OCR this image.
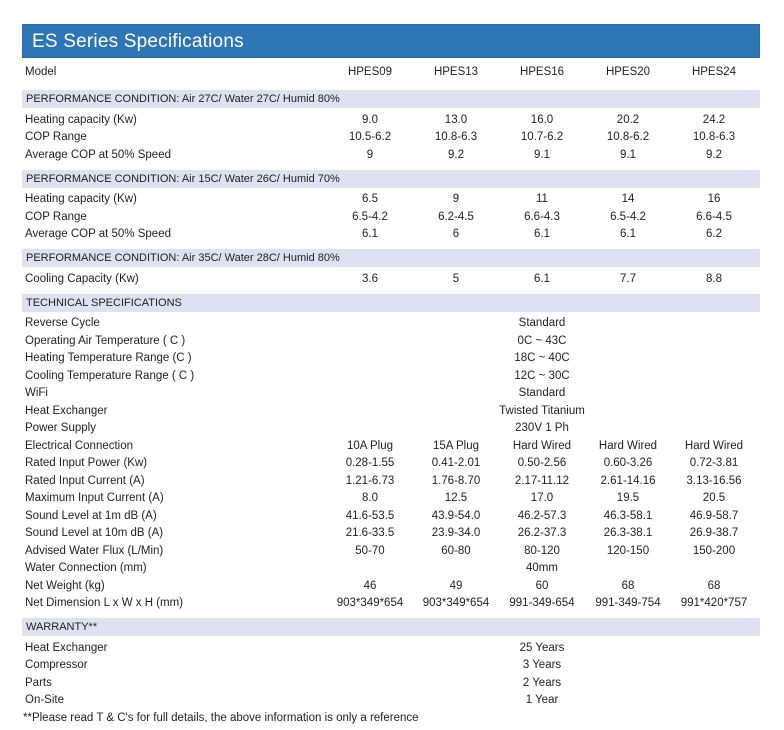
ES Series Specifications
Model	HPES09	HPES13	HPES16	HPES20	HPES24
PERFORMANCE CONDITION: Air 27C/ Water 27C/ Humid 80%
Heating capacity (Kw)	9.0	13.0	16.0	20.2	24.2
COP Range	10.5-6.2	10.8-6.3	10.7-6.2	10.8-6.2	10.8-6.3
Average COP at 50% Speed	9	9.2	9.1	9.1	9.2
PERFORMANCE CONDITION: Air 15C/ Water 26C/ Humid 70%
Heating capacity (Kw)	6.5	9	11	14	16
COP Range	6.5-4.2	6.2-4.5	6.6-4.3	6.5-4.2	6.6-4.5
Average COP at 50% Speed	6.1	6	6.1	6.1	6.2
PERFORMANCE CONDITION: Air 35C/ Water 28C/ Humid 80%
Cooling Capacity (Kw)	3.6	5	6.1	7.7	8.8
TECHNICAL SPECIFICATIONS
Reverse Cycle	Standard
Operating Air Temperature ( C )	0C ~ 43C
Heating Temperature Range (C )	18C ~ 40C
Cooling Temperature Range ( C )	12C ~ 30C
WiFi	Standard
Heat Exchanger	Twisted Titanium
Power Supply	230V 1 Ph
Electrical Connection	10A Plug	15A Plug	Hard Wired	Hard Wired	Hard Wired
Rated Input Power (Kw)	0.28-1.55	0.41-2.01	0.50-2.56	0.60-3.26	0.72-3.81
Rated Input Current (A)	1.21-6.73	1.76-8.70	2.17-11.12	2.61-14.16	3.13-16.56
Maximum Input Current (A)	8.0	12.5	17.0	19.5	20.5
Sound Level at 1m dB (A)	41.6-53.5	43.9-54.0	46.2-57.3	46.3-58.1	46.9-58.7
Sound Level at 10m dB (A)	21.6-33.5	23.9-34.0	26.2-37.3	26.3-38.1	26.9-38.7
Advised Water Flux (L/Min)	50-70	60-80	80-120	120-150	150-200
Water Connection (mm)	40mm
Net Weight (kg)	46	49	60	68	68
Net Dimension L x W x H (mm)	903*349*654	903*349*654	991-349-654	991-349-754	991*420*757
WARRANTY**
Heat Exchanger	25 Years
Compressor	3 Years
Parts	2 Years
On-Site	1 Year
**Please read T & C's for full details, the above information is only a reference
